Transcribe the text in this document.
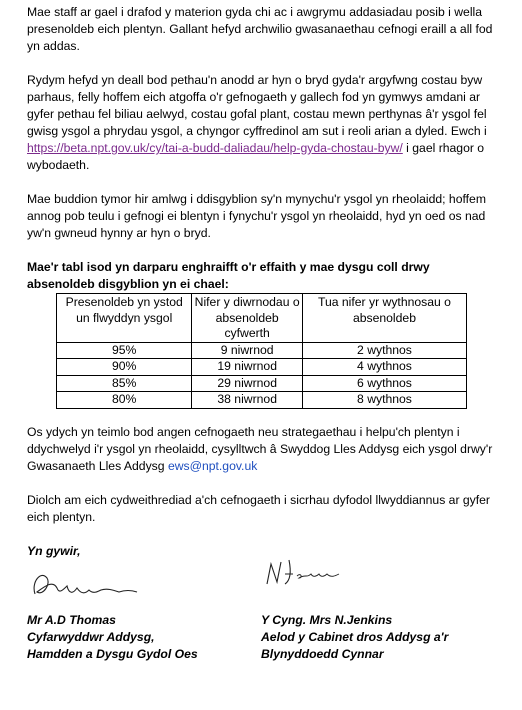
Mae staff ar gael i drafod y materion gyda chi ac i awgrymu addasiadau posib i wella presenoldeb eich plentyn. Gallant hefyd archwilio gwasanaethau cefnogi eraill a all fod yn addas.

Rydym hefyd yn deall bod pethau'n anodd ar hyn o bryd gyda'r argyfwng costau byw parhaus, felly hoffem eich atgoffa o'r gefnogaeth y gallech fod yn gymwys amdani ar gyfer pethau fel biliau aelwyd, costau gofal plant, costau mewn perthynas â'r ysgol fel gwisg ysgol a phrydau ysgol, a chyngor cyffredinol am sut i reoli arian a dyled. Ewch i https://beta.npt.gov.uk/cy/tai-a-budd-daliadau/help-gyda-chostau-byw/ i gael rhagor o wybodaeth.

Mae buddion tymor hir amlwg i ddisgyblion sy'n mynychu'r ysgol yn rheolaidd; hoffem annog pob teulu i gefnogi ei blentyn i fynychu'r ysgol yn rheolaidd, hyd yn oed os nad yw'n gwneud hynny ar hyn o bryd.

Mae'r tabl isod yn darparu enghraifft o'r effaith y mae dysgu coll drwy absenoldeb disgyblion yn ei chael:

Presenoldeb yn ystod un flwyddyn ysgol	Nifer y diwrnodau o absenoldeb cyfwerth	Tua nifer yr wythnosau o absenoldeb
95%	9 niwrnod	2 wythnos
90%	19 niwrnod	4 wythnos
85%	29 niwrnod	6 wythnos
80%	38 niwrnod	8 wythnos

Os ydych yn teimlo bod angen cefnogaeth neu strategaethau i helpu'ch plentyn i ddychwelyd i'r ysgol yn rheolaidd, cysylltwch â Swyddog Lles Addysg eich ysgol drwy'r Gwasanaeth Lles Addysg ews@npt.gov.uk

Diolch am eich cydweithrediad a'ch cefnogaeth i sicrhau dyfodol llwyddiannus ar gyfer eich plentyn.

Yn gywir,

Mr A.D Thomas
Cyfarwyddwr Addysg,
Hamdden a Dysgu Gydol Oes
Y Cyng. Mrs N.Jenkins
Aelod y Cabinet dros Addysg a'r
Blynyddoedd Cynnar
